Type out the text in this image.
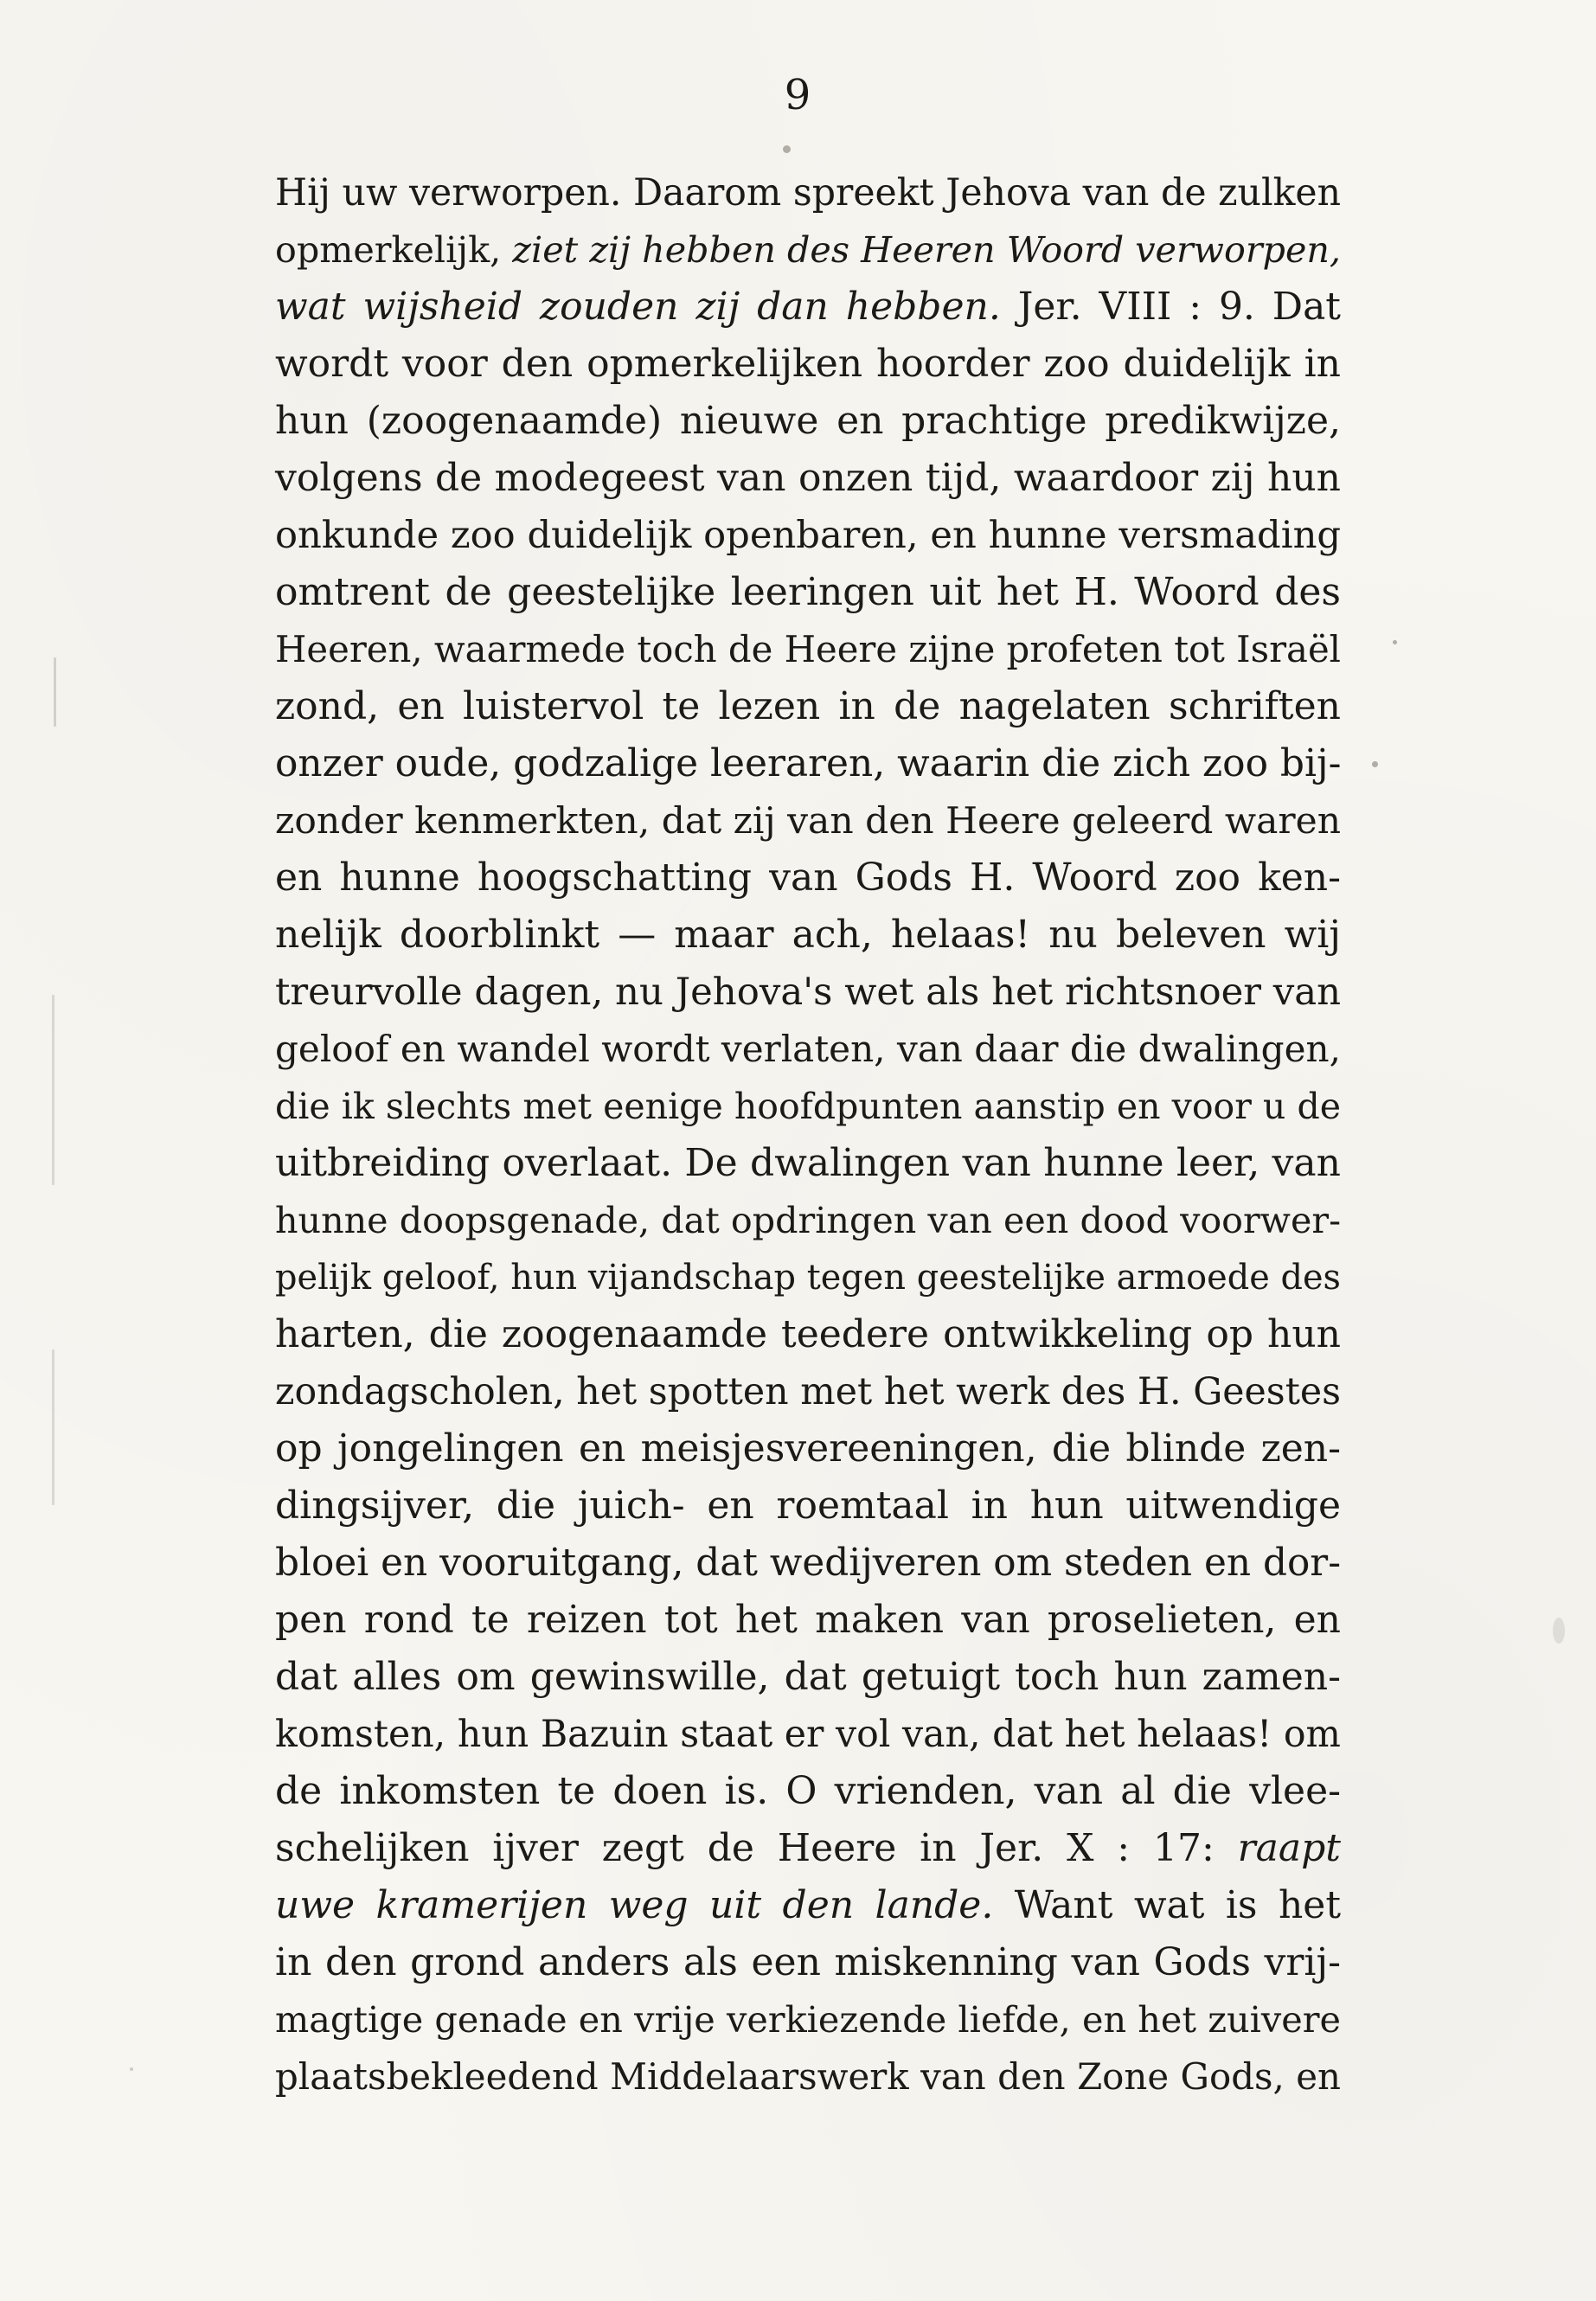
9
Hij uw verworpen. Daarom spreekt Jehova van de zulken
opmerkelijk, ziet zij hebben des Heeren Woord verworpen,
wat wijsheid zouden zij dan hebben. Jer. VIII : 9. Dat
wordt voor den opmerkelijken hoorder zoo duidelijk in
hun (zoogenaamde) nieuwe en prachtige predikwijze,
volgens de modegeest van onzen tijd, waardoor zij hun
onkunde zoo duidelijk openbaren, en hunne versmading
omtrent de geestelijke leeringen uit het H. Woord des
Heeren, waarmede toch de Heere zijne profeten tot Israël
zond, en luistervol te lezen in de nagelaten schriften
onzer oude, godzalige leeraren, waarin die zich zoo bij-
zonder kenmerkten, dat zij van den Heere geleerd waren
en hunne hoogschatting van Gods H. Woord zoo ken-
nelijk doorblinkt — maar ach, helaas! nu beleven wij
treurvolle dagen, nu Jehova's wet als het richtsnoer van
geloof en wandel wordt verlaten, van daar die dwalingen,
die ik slechts met eenige hoofdpunten aanstip en voor u de
uitbreiding overlaat. De dwalingen van hunne leer, van
hunne doopsgenade, dat opdringen van een dood voorwer-
pelijk geloof, hun vijandschap tegen geestelijke armoede des
harten, die zoogenaamde teedere ontwikkeling op hun
zondagscholen, het spotten met het werk des H. Geestes
op jongelingen en meisjesvereeningen, die blinde zen-
dingsijver, die juich- en roemtaal in hun uitwendige
bloei en vooruitgang, dat wedijveren om steden en dor-
pen rond te reizen tot het maken van proselieten, en
dat alles om gewinswille, dat getuigt toch hun zamen-
komsten, hun Bazuin staat er vol van, dat het helaas! om
de inkomsten te doen is. O vrienden, van al die vlee-
schelijken ijver zegt de Heere in Jer. X : 17: raapt
uwe kramerijen weg uit den lande. Want wat is het
in den grond anders als een miskenning van Gods vrij-
magtige genade en vrije verkiezende liefde, en het zuivere
plaatsbekleedend Middelaarswerk van den Zone Gods, en
